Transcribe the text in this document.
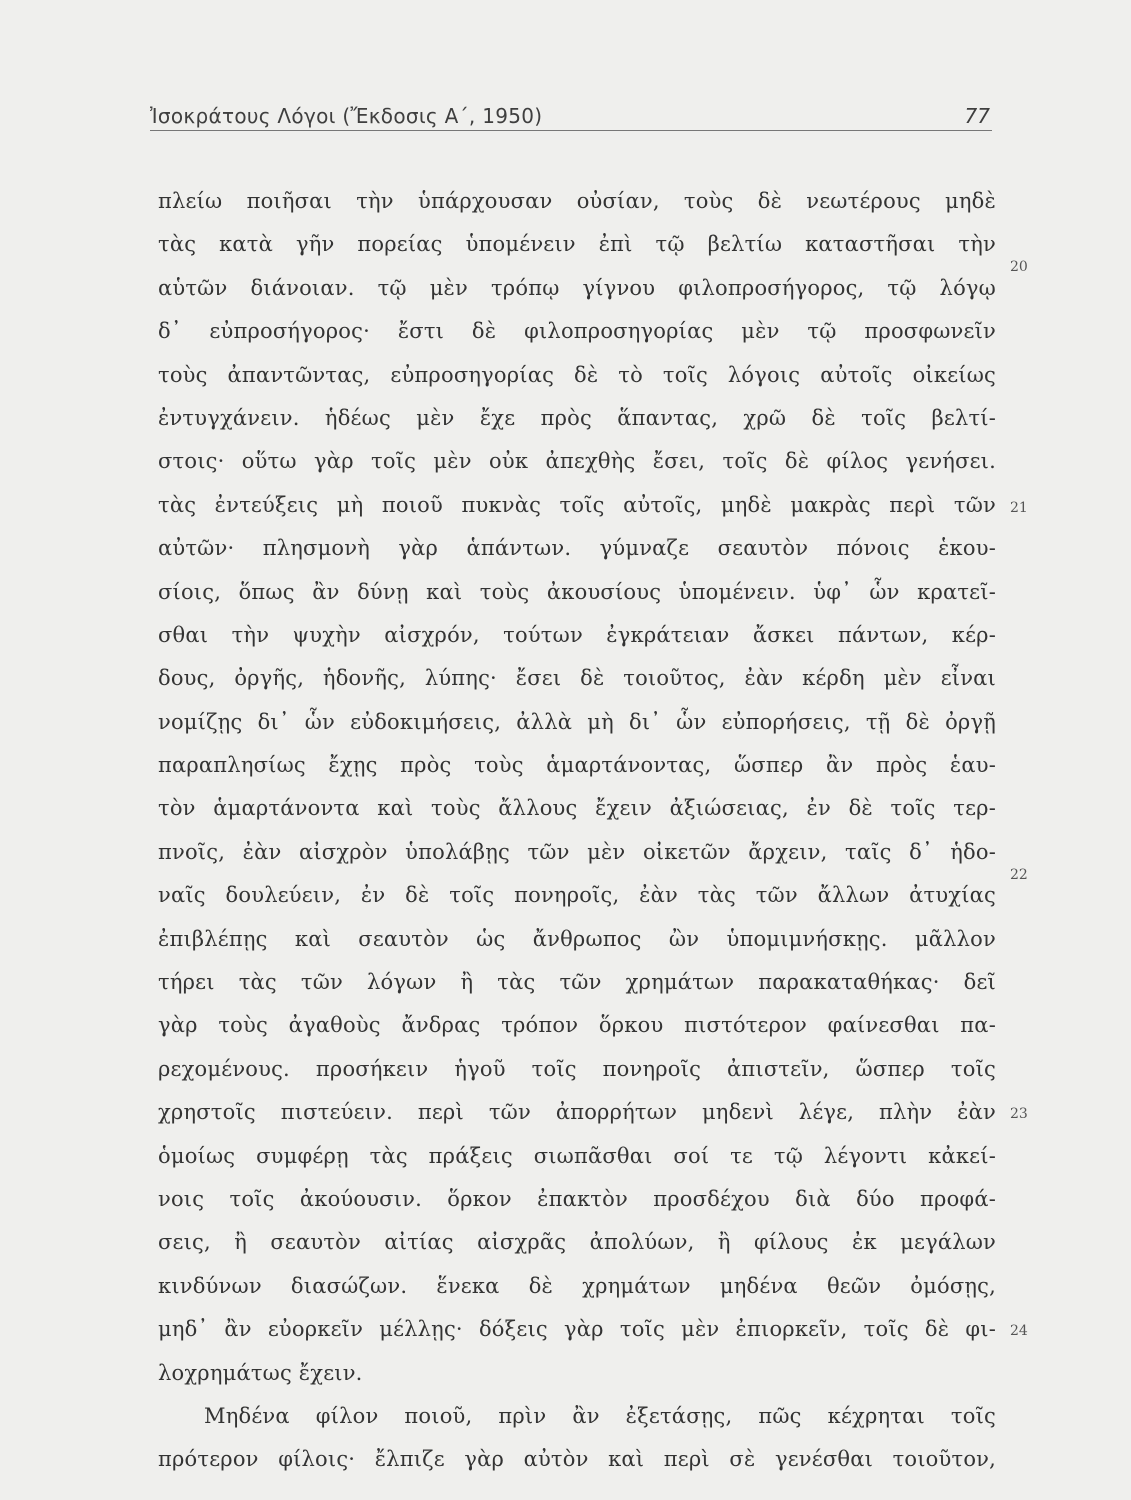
Ἰσοκράτους Λόγοι (Ἔκδοσις Α΄, 1950)	77
πλείω ποιῆσαι τὴν ὑπάρχουσαν οὐσίαν, τοὺς δὲ νεωτέρους μηδὲ
τὰς κατὰ γῆν πορείας ὑπομένειν ἐπὶ τῷ βελτίω καταστῆσαι τὴν
αὑτῶν διάνοιαν. τῷ μὲν τρόπῳ γίγνου φιλοπροσήγορος, τῷ λόγῳ
δ᾽ εὐπροσήγορος· ἔστι δὲ φιλοπροσηγορίας μὲν τῷ προσφωνεῖν
τοὺς ἀπαντῶντας, εὐπροσηγορίας δὲ τὸ τοῖς λόγοις αὐτοῖς οἰκείως
ἐντυγχάνειν. ἡδέως μὲν ἔχε πρὸς ἅπαντας, χρῶ δὲ τοῖς βελτί-
στοις· οὕτω γὰρ τοῖς μὲν οὐκ ἀπεχθὴς ἔσει, τοῖς δὲ φίλος γενήσει.
τὰς ἐντεύξεις μὴ ποιοῦ πυκνὰς τοῖς αὐτοῖς, μηδὲ μακρὰς περὶ τῶν
αὐτῶν· πλησμονὴ γὰρ ἁπάντων. γύμναζε σεαυτὸν πόνοις ἑκου-
σίοις, ὅπως ἂν δύνῃ καὶ τοὺς ἀκουσίους ὑπομένειν. ὑφ᾽ ὧν κρατεῖ-
σθαι τὴν ψυχὴν αἰσχρόν, τούτων ἐγκράτειαν ἄσκει πάντων, κέρ-
δους, ὀργῆς, ἡδονῆς, λύπης· ἔσει δὲ τοιοῦτος, ἐὰν κέρδη μὲν εἶναι
νομίζῃς δι᾽ ὧν εὐδοκιμήσεις, ἀλλὰ μὴ δι᾽ ὧν εὐπορήσεις, τῇ δὲ ὀργῇ
παραπλησίως ἔχῃς πρὸς τοὺς ἁμαρτάνοντας, ὥσπερ ἂν πρὸς ἑαυ-
τὸν ἁμαρτάνοντα καὶ τοὺς ἄλλους ἔχειν ἀξιώσειας, ἐν δὲ τοῖς τερ-
πνοῖς, ἐὰν αἰσχρὸν ὑπολάβῃς τῶν μὲν οἰκετῶν ἄρχειν, ταῖς δ᾽ ἡδο-
ναῖς δουλεύειν, ἐν δὲ τοῖς πονηροῖς, ἐὰν τὰς τῶν ἄλλων ἀτυχίας
ἐπιβλέπῃς καὶ σεαυτὸν ὡς ἄνθρωπος ὢν ὑπομιμνήσκῃς. μᾶλλον
τήρει τὰς τῶν λόγων ἢ τὰς τῶν χρημάτων παρακαταθήκας· δεῖ
γὰρ τοὺς ἀγαθοὺς ἄνδρας τρόπον ὅρκου πιστότερον φαίνεσθαι πα-
ρεχομένους. προσήκειν ἡγοῦ τοῖς πονηροῖς ἀπιστεῖν, ὥσπερ τοῖς
χρηστοῖς πιστεύειν. περὶ τῶν ἀπορρήτων μηδενὶ λέγε, πλὴν ἐὰν
ὁμοίως συμφέρῃ τὰς πράξεις σιωπᾶσθαι σοί τε τῷ λέγοντι κἀκεί-
νοις τοῖς ἀκούουσιν. ὅρκον ἐπακτὸν προσδέχου διὰ δύο προφά-
σεις, ἢ σεαυτὸν αἰτίας αἰσχρᾶς ἀπολύων, ἢ φίλους ἐκ μεγάλων
κινδύνων διασώζων. ἕνεκα δὲ χρημάτων μηδένα θεῶν ὀμόσῃς,
μηδ᾽ ἂν εὐορκεῖν μέλλῃς· δόξεις γὰρ τοῖς μὲν ἐπιορκεῖν, τοῖς δὲ φι-
λοχρημάτως ἔχειν.
Μηδένα φίλον ποιοῦ, πρὶν ἂν ἐξετάσῃς, πῶς κέχρηται τοῖς
πρότερον φίλοις· ἔλπιζε γὰρ αὐτὸν καὶ περὶ σὲ γενέσθαι τοιοῦτον,
20
21
22
23
24
